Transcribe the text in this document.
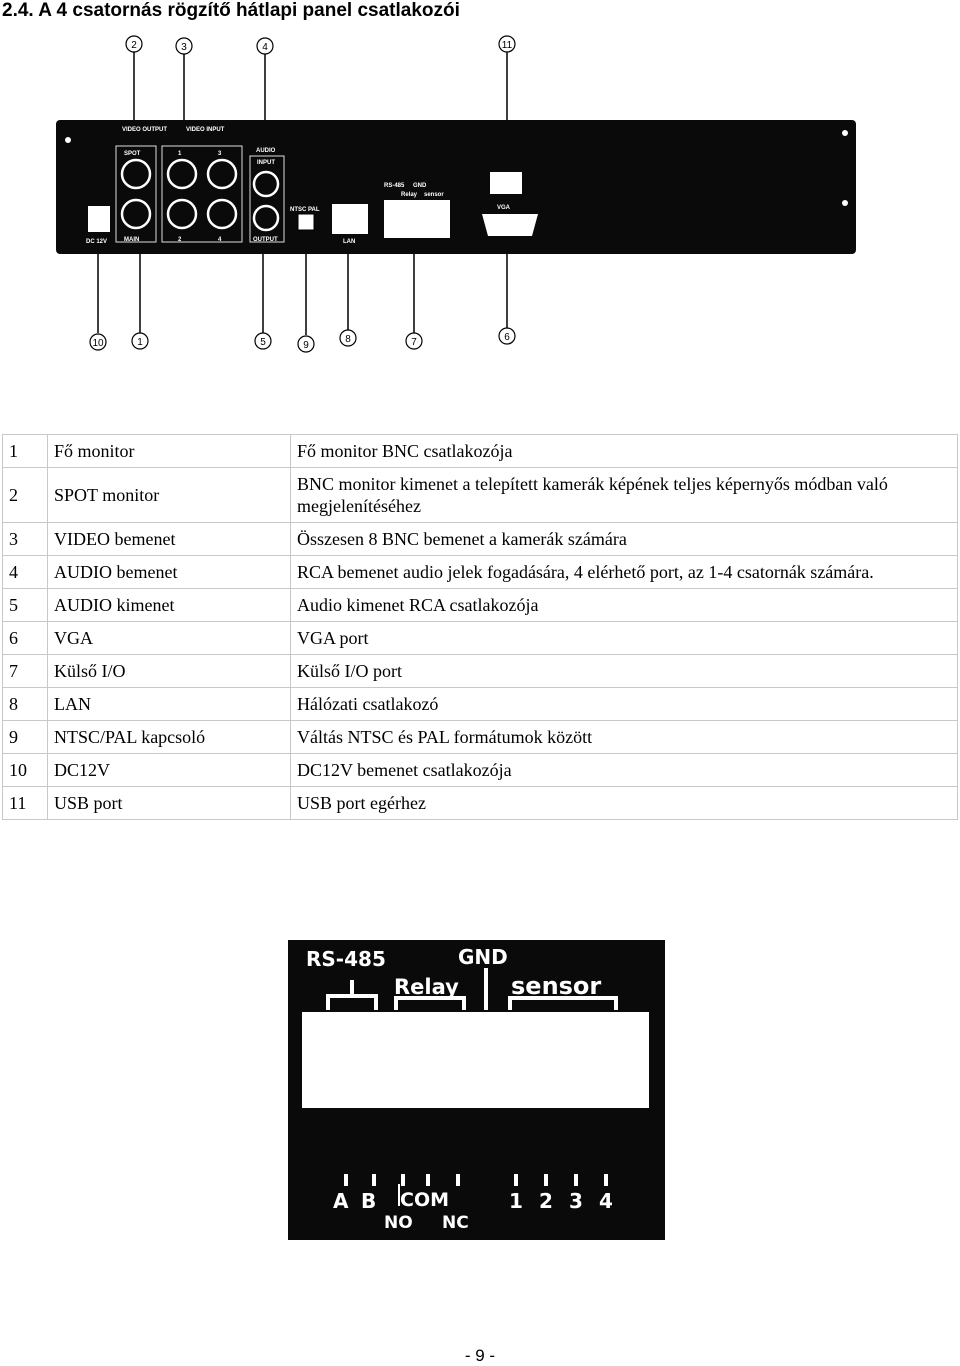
2.4. A 4 csatornás rögzítő hátlapi panel csatlakozói
VIDEO OUTPUT	VIDEO INPUT
AUDIO
INPUT
OUTPUT
SPOT
MAIN
DC 12V
NTSC PAL
LAN
VGA
RS-485 GND
Relay sensor
1	3
2	4
2	3	4	11
10	1	5	9
8	7	6
1	Fő monitor	Fő monitor BNC csatlakozója
2	SPOT monitor	BNC monitor kimenet a telepített kamerák képének teljes képernyős módban való megjelenítéséhez
3	VIDEO bemenet	Összesen 8 BNC bemenet a kamerák számára
4	AUDIO bemenet	RCA bemenet audio jelek fogadására, 4 elérhető port, az 1-4 csatornák számára.
5	AUDIO kimenet	Audio kimenet RCA csatlakozója
6	VGA	VGA port
7	Külső I/O	Külső I/O port
8	LAN	Hálózati csatlakozó
9	NTSC/PAL kapcsoló	Váltás NTSC és PAL formátumok között
10	DC12V	DC12V bemenet csatlakozója
11	USB port	USB port egérhez
RS-485	GND
Relay sensor
A B COM
NO NC
1 2 3 4
- 9 -
